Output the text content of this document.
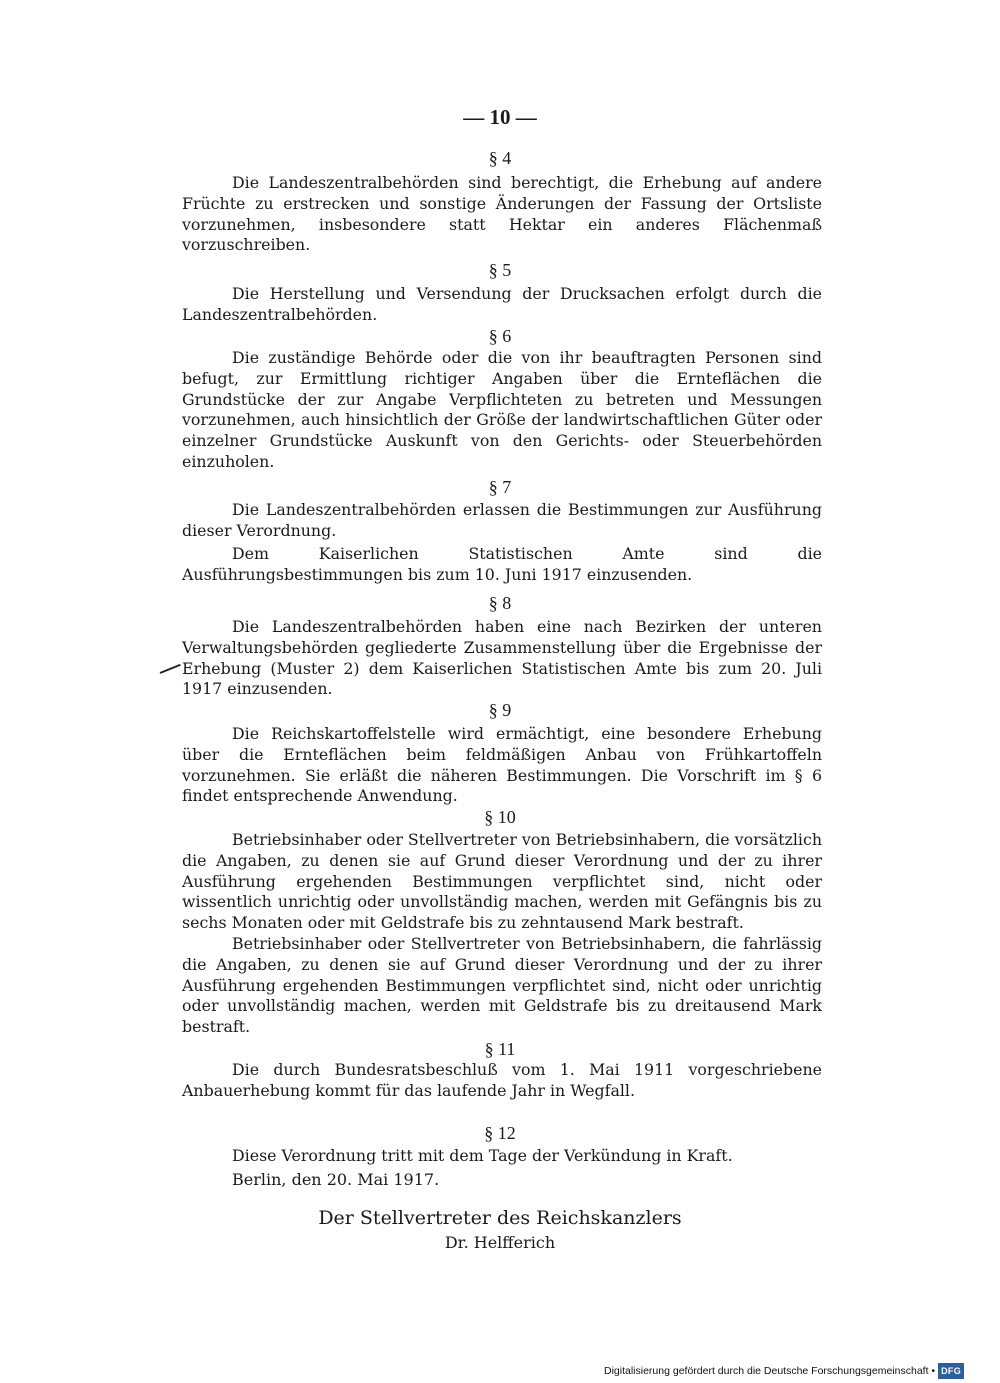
— 10 —
§ 4

Die Landeszentralbehörden sind berechtigt, die Erhebung auf andere Früchte zu erstrecken und sonstige Änderungen der Fassung der Ortsliste vorzunehmen, insbesondere statt Hektar ein anderes Flächenmaß vorzuschreiben.

§ 5

Die Herstellung und Versendung der Drucksachen erfolgt durch die Landeszentralbehörden.

§ 6

Die zuständige Behörde oder die von ihr beauftragten Personen sind befugt, zur Ermittlung richtiger Angaben über die Ernteflächen die Grundstücke der zur Angabe Verpflichteten zu betreten und Messungen vorzunehmen, auch hinsichtlich der Größe der landwirtschaftlichen Güter oder einzelner Grundstücke Auskunft von den Gerichts- oder Steuerbehörden einzuholen.

§ 7

Die Landeszentralbehörden erlassen die Bestimmungen zur Ausführung dieser Verordnung.

Dem Kaiserlichen Statistischen Amte sind die Ausführungsbestimmungen bis zum 10. Juni 1917 einzusenden.

§ 8

Die Landeszentralbehörden haben eine nach Bezirken der unteren Verwaltungsbehörden gegliederte Zusammenstellung über die Ergebnisse der Erhebung (Muster 2) dem Kaiserlichen Statistischen Amte bis zum 20. Juli 1917 einzusenden.

§ 9

Die Reichskartoffelstelle wird ermächtigt, eine besondere Erhebung über die Ernteflächen beim feldmäßigen Anbau von Frühkartoffeln vorzunehmen. Sie erläßt die näheren Bestimmungen. Die Vorschrift im § 6 findet entsprechende Anwendung.

§ 10

Betriebsinhaber oder Stellvertreter von Betriebsinhabern, die vorsätzlich die Angaben, zu denen sie auf Grund dieser Verordnung und der zu ihrer Ausführung ergehenden Bestimmungen verpflichtet sind, nicht oder wissentlich unrichtig oder unvollständig machen, werden mit Gefängnis bis zu sechs Monaten oder mit Geldstrafe bis zu zehntausend Mark bestraft.

Betriebsinhaber oder Stellvertreter von Betriebsinhabern, die fahrlässig die Angaben, zu denen sie auf Grund dieser Verordnung und der zu ihrer Ausführung ergehenden Bestimmungen verpflichtet sind, nicht oder unrichtig oder unvollständig machen, werden mit Geldstrafe bis zu dreitausend Mark bestraft.

§ 11

Die durch Bundesratsbeschluß vom 1. Mai 1911 vorgeschriebene Anbauerhebung kommt für das laufende Jahr in Wegfall.

§ 12

Diese Verordnung tritt mit dem Tage der Verkündung in Kraft.

Berlin, den 20. Mai 1917.
Der Stellvertreter des Reichskanzlers
Dr. Helfferich
Digitalisierung gefördert durch die Deutsche Forschungsgemeinschaft • DFG
